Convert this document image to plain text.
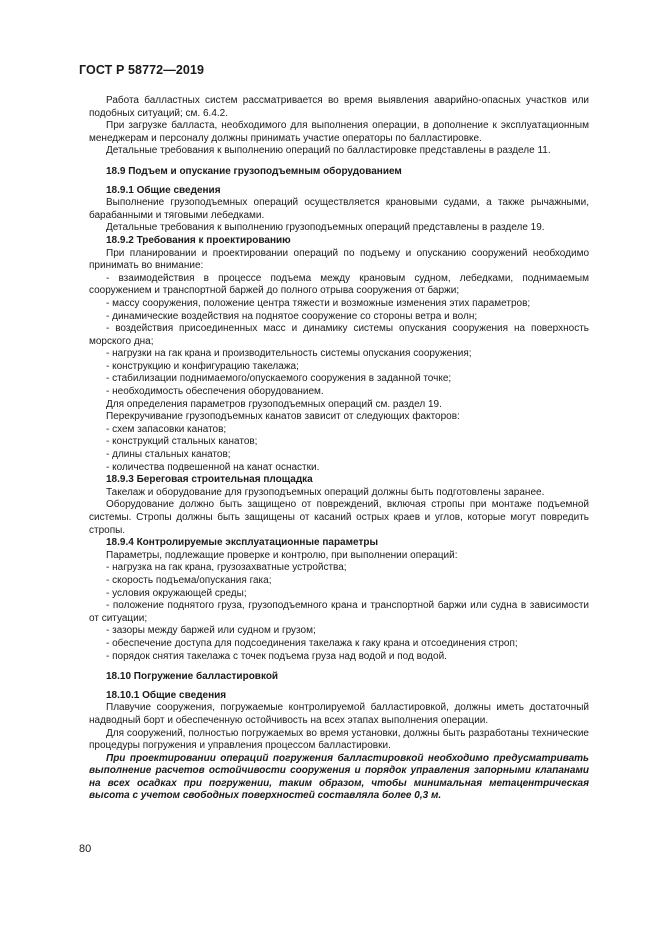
ГОСТ Р 58772—2019

Работа балластных систем рассматривается во время выявления аварийно-опасных участков или подобных ситуаций; см. 6.4.2.

При загрузке балласта, необходимого для выполнения операции, в дополнение к эксплуатационным менеджерам и персоналу должны принимать участие операторы по балластировке.

Детальные требования к выполнению операций по балластировке представлены в разделе 11.

18.9 Подъем и опускание грузоподъемным оборудованием

18.9.1 Общие сведения

Выполнение грузоподъемных операций осуществляется крановыми судами, а также рычажными, барабанными и тяговыми лебедками.

Детальные требования к выполнению грузоподъемных операций представлены в разделе 19.

18.9.2 Требования к проектированию

При планировании и проектировании операций по подъему и опусканию сооружений необходимо принимать во внимание:

- взаимодействия в процессе подъема между крановым судном, лебедками, поднимаемым сооружением и транспортной баржей до полного отрыва сооружения от баржи;

- массу сооружения, положение центра тяжести и возможные изменения этих параметров;

- динамические воздействия на поднятое сооружение со стороны ветра и волн;

- воздействия присоединенных масс и динамику системы опускания сооружения на поверхность морского дна;

- нагрузки на гак крана и производительность системы опускания сооружения;

- конструкцию и конфигурацию такелажа;

- стабилизации поднимаемого/опускаемого сооружения в заданной точке;

- необходимость обеспечения оборудованием.

Для определения параметров грузоподъемных операций см. раздел 19.

Перекручивание грузоподъемных канатов зависит от следующих факторов:

- схем запасовки канатов;

- конструкций стальных канатов;

- длины стальных канатов;

- количества подвешенной на канат оснастки.

18.9.3 Береговая строительная площадка

Такелаж и оборудование для грузоподъемных операций должны быть подготовлены заранее.

Оборудование должно быть защищено от повреждений, включая стропы при монтаже подъемной системы. Стропы должны быть защищены от касаний острых краев и углов, которые могут повредить стропы.

18.9.4 Контролируемые эксплуатационные параметры

Параметры, подлежащие проверке и контролю, при выполнении операций:

- нагрузка на гак крана, грузозахватные устройства;

- скорость подъема/опускания гака;

- условия окружающей среды;

- положение поднятого груза, грузоподъемного крана и транспортной баржи или судна в зависимости от ситуации;

- зазоры между баржей или судном и грузом;

- обеспечение доступа для подсоединения такелажа к гаку крана и отсоединения строп;

- порядок снятия такелажа с точек подъема груза над водой и под водой.

18.10 Погружение балластировкой

18.10.1 Общие сведения

Плавучие сооружения, погружаемые контролируемой балластировкой, должны иметь достаточный надводный борт и обеспеченную остойчивость на всех этапах выполнения операции.

Для сооружений, полностью погружаемых во время установки, должны быть разработаны технические процедуры погружения и управления процессом балластировки.

При проектировании операций погружения балластировкой необходимо предусматривать выполнение расчетов остойчивости сооружения и порядок управления запорными клапанами на всех осадках при погружении, таким образом, чтобы минимальная метацентрическая высота с учетом свободных поверхностей составляла более 0,3 м.

80
